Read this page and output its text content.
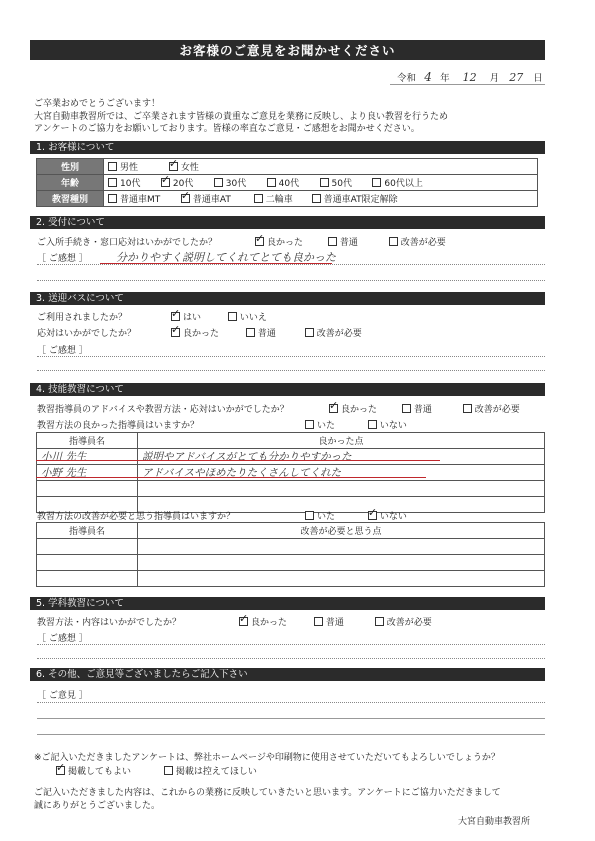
お客様のご意見をお聞かせください
令和 4 年 12 月 27 日
ご卒業おめでとうございます！
大宮自動車教習所では、ご卒業されます皆様の貴重なご意見を業務に反映し、より良い教習を行うため
アンケートのご協力をお願いしております。皆様の率直なご意見・ご感想をお聞かせください。
1. お客様について
性別	男性 ✓ 女性
年齢	10代 ✓ 20代 30代 40代 50代 60代以上
教習種別	普通車MT ✓ 普通車AT 二輪車 普通車AT限定解除
2. 受付について
ご入所手続き・窓口応対はいかがでしたか？ ✓	良かった	普通	改善が必要
［ ご感想 ］	分かりやすく説明してくれてとても良かった
3. 送迎バスについて
ご利用されましたか？ ✓	はい	いいえ
応対はいかがでしたか？ ✓	良かった	普通	改善が必要
［ ご感想 ］
4. 技能教習について
教習指導員のアドバイスや教習方法・応対はいかがでしたか？ ✓	良かった	普通	改善が必要
教習方法の良かった指導員はいますか？	いた	いない
指導員名	良かった点
小川 先生	説明やアドバイスがとても分かりやすかった
小野 先生	アドバイスやほめたりたくさんしてくれた

教習方法の改善が必要と思う指導員はいますか？	いた ✓	いない
指導員名	改善が必要と思う点

5. 学科教習について
教習方法・内容はいかがでしたか？ ✓	良かった	普通	改善が必要
［ ご感想 ］
6. その他、ご意見等ございましたらご記入下さい
［ ご意見 ］
※ご記入いただきましたアンケートは、弊社ホームページや印刷物に使用させていただいてもよろしいでしょうか？
✓掲載してもよい	掲載は控えてほしい
ご記入いただきました内容は、これからの業務に反映していきたいと思います。アンケートにご協力いただきまして
誠にありがとうございました。
大宮自動車教習所
